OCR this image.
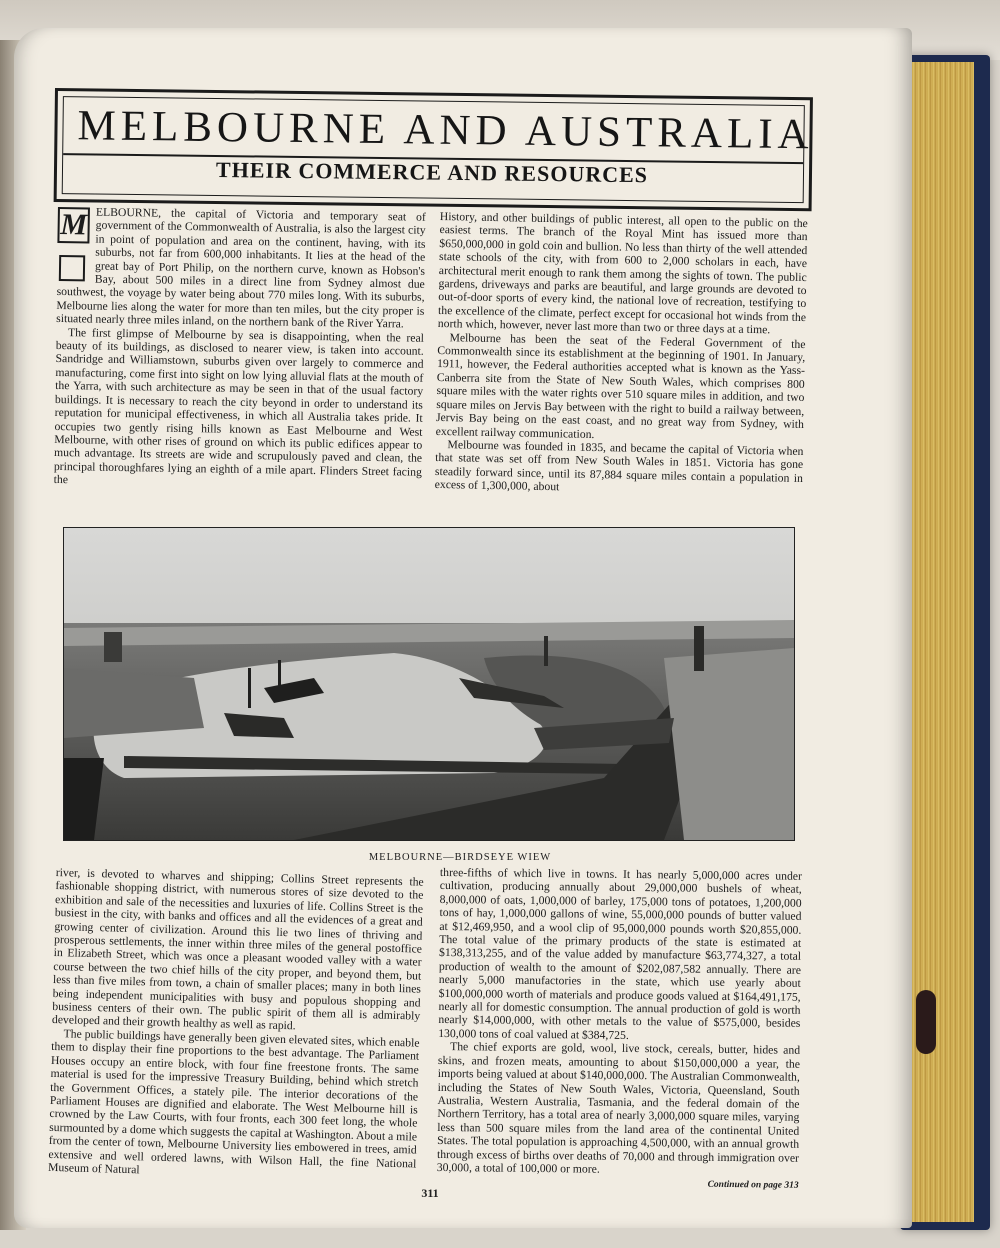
MELBOURNE AND AUSTRALIA
THEIR COMMERCE AND RESOURCES
M ELBOURNE, the capital of Victoria and temporary seat of government of the Commonwealth of Australia, is also the largest city in point of population and area on the continent, having, with its suburbs, not far from 600,000 inhabitants. It lies at the head of the great bay of Port Philip, on the northern curve, known as Hobson's Bay, about 500 miles in a direct line from Sydney almost due southwest, the voyage by water being about 770 miles long. With its suburbs, Melbourne lies along the water for more than ten miles, but the city proper is situated nearly three miles inland, on the northern bank of the River Yarra.

The first glimpse of Melbourne by sea is disappointing, when the real beauty of its buildings, as disclosed to nearer view, is taken into account. Sandridge and Williamstown, suburbs given over largely to commerce and manufacturing, come first into sight on low lying alluvial flats at the mouth of the Yarra, with such architecture as may be seen in that of the usual factory buildings. It is necessary to reach the city beyond in order to understand its reputation for municipal effectiveness, in which all Australia takes pride. It occupies two gently rising hills known as East Melbourne and West Melbourne, with other rises of ground on which its public edifices appear to much advantage. Its streets are wide and scrupulously paved and clean, the principal thoroughfares lying an eighth of a mile apart. Flinders Street facing the

History, and other buildings of public interest, all open to the public on the easiest terms. The branch of the Royal Mint has issued more than $650,000,000 in gold coin and bullion. No less than thirty of the well attended state schools of the city, with from 600 to 2,000 scholars in each, have architectural merit enough to rank them among the sights of town. The public gardens, driveways and parks are beautiful, and large grounds are devoted to out-of-door sports of every kind, the national love of recreation, testifying to the excellence of the climate, perfect except for occasional hot winds from the north which, however, never last more than two or three days at a time.

Melbourne has been the seat of the Federal Government of the Commonwealth since its establishment at the beginning of 1901. In January, 1911, however, the Federal authorities accepted what is known as the Yass-Canberra site from the State of New South Wales, which comprises 800 square miles with the water rights over 510 square miles in addition, and two square miles on Jervis Bay between with the right to build a railway between, Jervis Bay being on the east coast, and no great way from Sydney, with excellent railway communication.

Melbourne was founded in 1835, and became the capital of Victoria when that state was set off from New South Wales in 1851. Victoria has gone steadily forward since, until its 87,884 square miles contain a population in excess of 1,300,000, about

MELBOURNE—BIRDSEYE WIEW

river, is devoted to wharves and shipping; Collins Street represents the fashionable shopping district, with numerous stores of size devoted to the exhibition and sale of the necessities and luxuries of life. Collins Street is the busiest in the city, with banks and offices and all the evidences of a great and growing center of civilization. Around this lie two lines of thriving and prosperous settlements, the inner within three miles of the general postoffice in Elizabeth Street, which was once a pleasant wooded valley with a water course between the two chief hills of the city proper, and beyond them, but less than five miles from town, a chain of smaller places; many in both lines being independent municipalities with busy and populous shopping and business centers of their own. The public spirit of them all is admirably developed and their growth healthy as well as rapid.

The public buildings have generally been given elevated sites, which enable them to display their fine proportions to the best advantage. The Parliament Houses occupy an entire block, with four fine freestone fronts. The same material is used for the impressive Treasury Building, behind which stretch the Government Offices, a stately pile. The interior decorations of the Parliament Houses are dignified and elaborate. The West Melbourne hill is crowned by the Law Courts, with four fronts, each 300 feet long, the whole surmounted by a dome which suggests the capital at Washington. About a mile from the center of town, Melbourne University lies embowered in trees, amid extensive and well ordered lawns, with Wilson Hall, the fine National Museum of Natural

three-fifths of which live in towns. It has nearly 5,000,000 acres under cultivation, producing annually about 29,000,000 bushels of wheat, 8,000,000 of oats, 1,000,000 of barley, 175,000 tons of potatoes, 1,200,000 tons of hay, 1,000,000 gallons of wine, 55,000,000 pounds of butter valued at $12,469,950, and a wool clip of 95,000,000 pounds worth $20,855,000. The total value of the primary products of the state is estimated at $138,313,255, and of the value added by manufacture $63,774,327, a total production of wealth to the amount of $202,087,582 annually. There are nearly 5,000 manufactories in the state, which use yearly about $100,000,000 worth of materials and produce goods valued at $164,491,175, nearly all for domestic consumption. The annual production of gold is worth nearly $14,000,000, with other metals to the value of $575,000, besides 130,000 tons of coal valued at $384,725.

The chief exports are gold, wool, live stock, cereals, butter, hides and skins, and frozen meats, amounting to about $150,000,000 a year, the imports being valued at about $140,000,000. The Australian Commonwealth, including the States of New South Wales, Victoria, Queensland, South Australia, Western Australia, Tasmania, and the federal domain of the Northern Territory, has a total area of nearly 3,000,000 square miles, varying less than 500 square miles from the land area of the continental United States. The total population is approaching 4,500,000, with an annual growth through excess of births over deaths of 70,000 and through immigration over 30,000, a total of 100,000 or more.

Continued on page 313
311
